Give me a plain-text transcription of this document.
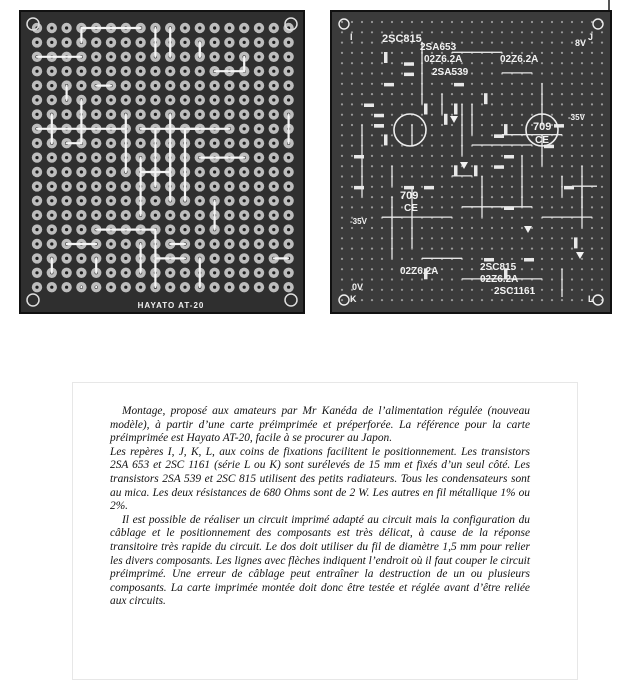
HAYATO AT-20
2SC815
2SA653
02Z6.2A
2SA539
02Z6.2A
709
CE
709
CE
02Z6.2A	2SC815
02Z6.2A
2SC1161
8V
-35V
-35V
0V
I	J
K	L

Montage, proposé aux amateurs par Mr Kanéda de l’alimentation régulée (nouveau modèle), à partir d’une carte préimprimée et préperforée. La référence pour la carte préimprimée est Hayato AT-20, facile à se procurer au Japon.

Les repères I, J, K, L, aux coins de fixations facilitent le positionnement. Les transistors 2SA 653 et 2SC 1161 (série L ou K) sont surélevés de 15 mm et fixés d’un seul côté. Les transistors 2SA 539 et 2SC 815 utilisent des petits radiateurs. Tous les condensateurs sont au mica. Les deux résistances de 680 Ohms sont de 2 W. Les autres en fil métallique 1% ou 2%.

Il est possible de réaliser un circuit imprimé adapté au circuit mais la configuration du câblage et le positionnement des composants est très délicat, à cause de la réponse transitoire très rapide du circuit. Le dos doit utiliser du fil de diamètre 1,5 mm pour relier les divers composants. Les lignes avec flèches indiquent l’endroit où il faut couper le circuit préimprimé. Une erreur de câblage peut entraîner la destruction de un ou plusieurs composants. La carte imprimée montée doit donc être testée et réglée avant d’être reliée aux circuits.
